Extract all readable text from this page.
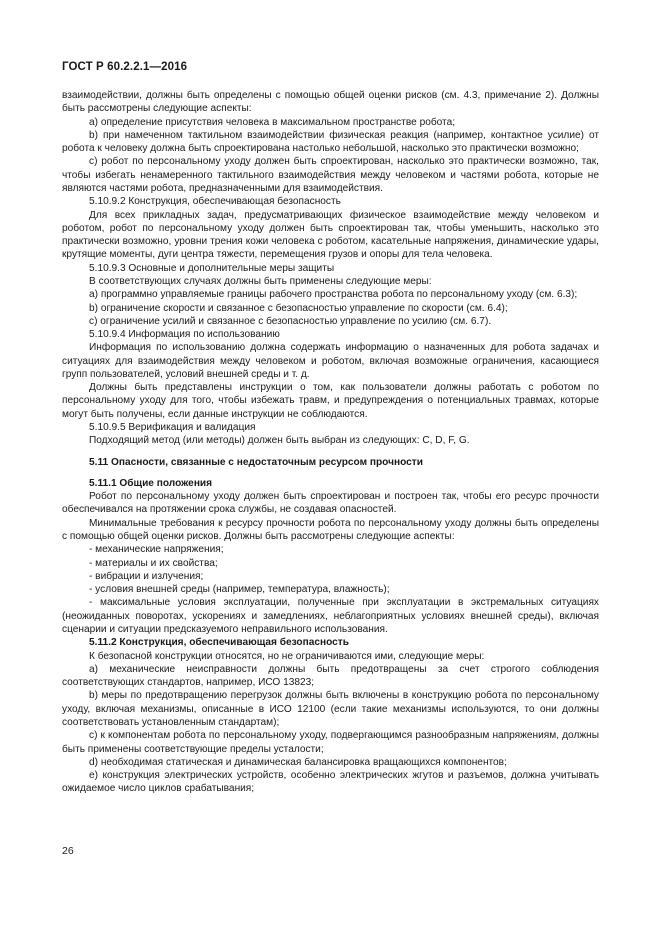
ГОСТ Р 60.2.2.1—2016

взаимодействии, должны быть определены с помощью общей оценки рисков (см. 4.3, примечание 2). Должны быть рассмотрены следующие аспекты:

a) определение присутствия человека в максимальном пространстве робота;

b) при намеченном тактильном взаимодействии физическая реакция (например, контактное усилие) от робота к человеку должна быть спроектирована настолько небольшой, насколько это практически возможно;

c) робот по персональному уходу должен быть спроектирован, насколько это практически возможно, так, чтобы избегать ненамеренного тактильного взаимодействия между человеком и частями робота, которые не являются частями робота, предназначенными для взаимодействия.

5.10.9.2 Конструкция, обеспечивающая безопасность

Для всех прикладных задач, предусматривающих физическое взаимодействие между человеком и роботом, робот по персональному уходу должен быть спроектирован так, чтобы уменьшить, насколько это практически возможно, уровни трения кожи человека с роботом, касательные напряжения, динамические удары, крутящие моменты, дуги центра тяжести, перемещения грузов и опоры для тела человека.

5.10.9.3 Основные и дополнительные меры защиты

В соответствующих случаях должны быть применены следующие меры:

a) программно управляемые границы рабочего пространства робота по персональному уходу (см. 6.3);

b) ограничение скорости и связанное с безопасностью управление по скорости (см. 6.4);

c) ограничение усилий и связанное с безопасностью управление по усилию (см. 6.7).

5.10.9.4 Информация по использованию

Информация по использованию должна содержать информацию о назначенных для робота задачах и ситуациях для взаимодействия между человеком и роботом, включая возможные ограничения, касающиеся групп пользователей, условий внешней среды и т. д.

Должны быть представлены инструкции о том, как пользователи должны работать с роботом по персональному уходу для того, чтобы избежать травм, и предупреждения о потенциальных травмах, которые могут быть получены, если данные инструкции не соблюдаются.

5.10.9.5 Верификация и валидация

Подходящий метод (или методы) должен быть выбран из следующих: C, D, F, G.

5.11 Опасности, связанные с недостаточным ресурсом прочности

5.11.1 Общие положения

Робот по персональному уходу должен быть спроектирован и построен так, чтобы его ресурс прочности обеспечивался на протяжении срока службы, не создавая опасностей.

Минимальные требования к ресурсу прочности робота по персональному уходу должны быть определены с помощью общей оценки рисков. Должны быть рассмотрены следующие аспекты:

- механические напряжения;

- материалы и их свойства;

- вибрации и излучения;

- условия внешней среды (например, температура, влажность);

- максимальные условия эксплуатации, полученные при эксплуатации в экстремальных ситуациях (неожиданных поворотах, ускорениях и замедлениях, неблагоприятных условиях внешней среды), включая сценарии и ситуации предсказуемого неправильного использования.

5.11.2 Конструкция, обеспечивающая безопасность

К безопасной конструкции относятся, но не ограничиваются ими, следующие меры:

a) механические неисправности должны быть предотвращены за счет строгого соблюдения соответствующих стандартов, например, ИСО 13823;

b) меры по предотвращению перегрузок должны быть включены в конструкцию робота по персональному уходу, включая механизмы, описанные в ИСО 12100 (если такие механизмы используются, то они должны соответствовать установленным стандартам);

c) к компонентам робота по персональному уходу, подвергающимся разнообразным напряжениям, должны быть применены соответствующие пределы усталости;

d) необходимая статическая и динамическая балансировка вращающихся компонентов;

e) конструкция электрических устройств, особенно электрических жгутов и разъемов, должна учитывать ожидаемое число циклов срабатывания;

26
